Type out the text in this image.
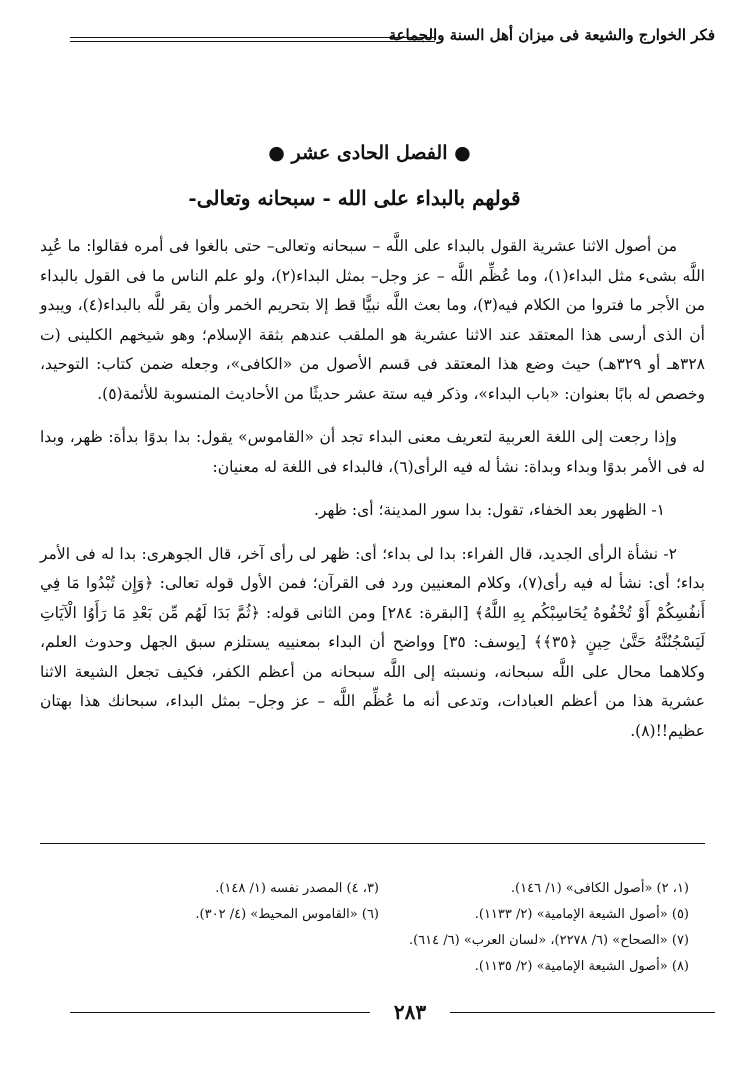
فكر الخوارج والشيعة فى ميزان أهل السنة والجماعة
● الفصل الحادى عشر ●
قولهم بالبداء على الله - سبحانه وتعالى-

من أصول الاثنا عشرية القول بالبداء على اللَّه – سبحانه وتعالى– حتى بالغوا فى أمره فقالوا: ما عُبِد اللَّه بشىء مثل البداء(١)، وما عُظِّم اللَّه – عز وجل– بمثل البداء(٢)، ولو علم الناس ما فى القول بالبداء من الأجر ما فتروا من الكلام فيه(٣)، وما بعث اللَّه نبيًّا قط إلا بتحريم الخمر وأن يقر للَّه بالبداء(٤)، ويبدو أن الذى أرسى هذا المعتقد عند الاثنا عشرية هو الملقب عندهم بثقة الإسلام؛ وهو شيخهم الكلينى (ت ٣٢٨هـ أو ٣٢٩هـ) حيث وضع هذا المعتقد فى قسم الأصول من «الكافى»، وجعله ضمن كتاب: التوحيد، وخصص له بابًا بعنوان: «باب البداء»، وذكر فيه ستة عشر حديثًا من الأحاديث المنسوبة للأئمة(٥).

وإذا رجعت إلى اللغة العربية لتعريف معنى البداء تجد أن «القاموس» يقول: بدا بدوًا بدأة: ظهر، وبدا له فى الأمر بدوًا وبداء وبداة: نشأ له فيه الرأى(٦)، فالبداء فى اللغة له معنيان:

١- الظهور بعد الخفاء، تقول: بدا سور المدينة؛ أى: ظهر.

٢- نشأة الرأى الجديد، قال الفراء: بدا لى بداء؛ أى: ظهر لى رأى آخر، قال الجوهرى: بدا له فى الأمر بداء؛ أى: نشأ له فيه رأى(٧)، وكلام المعنيين ورد فى القرآن؛ فمن الأول قوله تعالى: ﴿وَإِن تُبْدُوا مَا فِي أَنفُسِكُمْ أَوْ تُخْفُوهُ يُحَاسِبْكُم بِهِ اللَّهُ﴾ [البقرة: ٢٨٤] ومن الثانى قوله: ﴿ثُمَّ بَدَا لَهُم مِّن بَعْدِ مَا رَأَوُا الْآيَاتِ لَيَسْجُنُنَّهُ حَتَّىٰ حِينٍ ﴿٣٥﴾﴾ [يوسف: ٣٥] وواضح أن البداء بمعنييه يستلزم سبق الجهل وحدوث العلم، وكلاهما محال على اللَّه سبحانه، ونسبته إلى اللَّه سبحانه من أعظم الكفر، فكيف تجعل الشيعة الاثنا عشرية هذا من أعظم العبادات، وتدعى أنه ما عُظِّم اللَّه – عز وجل– بمثل البداء، سبحانك هذا بهتان عظيم!!(٨).

(١، ٢) «أصول الكافى» (١/ ١٤٦).
(٣، ٤) المصدر نفسه (١/ ١٤٨).
(٥) «أصول الشيعة الإمامية» (٢/ ١١٣٣).
(٦) «القاموس المحيط» (٤/ ٣٠٢).
(٧) «الصحاح» (٦/ ٢٢٧٨)، «لسان العرب» (٦/ ٦١٤).
(٨) «أصول الشيعة الإمامية» (٢/ ١١٣٥).
٢٨٣
